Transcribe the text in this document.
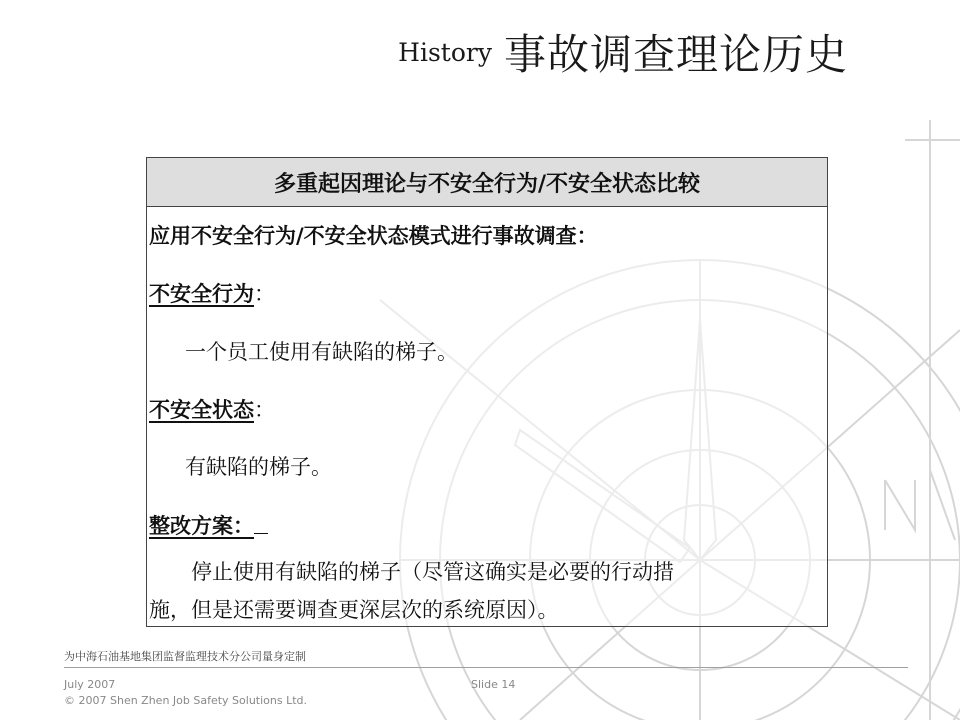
History 事故调查理论历史
多重起因理论与不安全行为/不安全状态比较
应用不安全行为/不安全状态模式进行事故调查：
不安全行为：
一个员工使用有缺陷的梯子。
不安全状态：
有缺陷的梯子。
整改方案：
停止使用有缺陷的梯子（尽管这确实是必要的行动措
施，但是还需要调查更深层次的系统原因）。
为中海石油基地集团监督监理技术分公司量身定制
July 2007
© 2007 Shen Zhen Job Safety Solutions Ltd.
Slide 14
